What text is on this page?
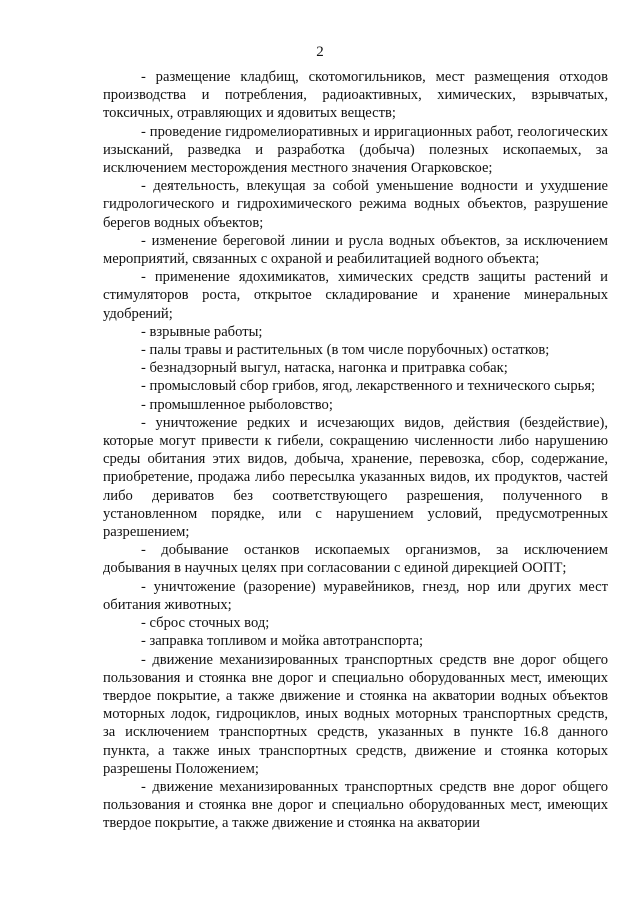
2

- размещение кладбищ, скотомогильников, мест размещения отходов производства и потребления, радиоактивных, химических, взрывчатых, токсичных, отравляющих и ядовитых веществ;

- проведение гидромелиоративных и ирригационных работ, геологических изысканий, разведка и разработка (добыча) полезных ископаемых, за исключением месторождения местного значения Огарковское;

- деятельность, влекущая за собой уменьшение водности и ухудшение гидрологического и гидрохимического режима водных объектов, разрушение берегов водных объектов;

- изменение береговой линии и русла водных объектов, за исключением мероприятий, связанных с охраной и реабилитацией водного объекта;

- применение ядохимикатов, химических средств защиты растений и стимуляторов роста, открытое складирование и хранение минеральных удобрений;

- взрывные работы;

- палы травы и растительных (в том числе порубочных) остатков;

- безнадзорный выгул, натаска, нагонка и притравка собак;

- промысловый сбор грибов, ягод, лекарственного и технического сырья;

- промышленное рыболовство;

- уничтожение редких и исчезающих видов, действия (бездействие), которые могут привести к гибели, сокращению численности либо нарушению среды обитания этих видов, добыча, хранение, перевозка, сбор, содержание, приобретение, продажа либо пересылка указанных видов, их продуктов, частей либо дериватов без соответствующего разрешения, полученного в установленном порядке, или с нарушением условий, предусмотренных разрешением;

- добывание останков ископаемых организмов, за исключением добывания в научных целях при согласовании с единой дирекцией ООПТ;

- уничтожение (разорение) муравейников, гнезд, нор или других мест обитания животных;

- сброс сточных вод;

- заправка топливом и мойка автотранспорта;

- движение механизированных транспортных средств вне дорог общего пользования и стоянка вне дорог и специально оборудованных мест, имеющих твердое покрытие, а также движение и стоянка на акватории водных объектов моторных лодок, гидроциклов, иных водных моторных транспортных средств, за исключением транспортных средств, указанных в пункте 16.8 данного пункта, а также иных транспортных средств, движение и стоянка которых разрешены Положением;

- движение механизированных транспортных средств вне дорог общего пользования и стоянка вне дорог и специально оборудованных мест, имеющих твердое покрытие, а также движение и стоянка на акватории
